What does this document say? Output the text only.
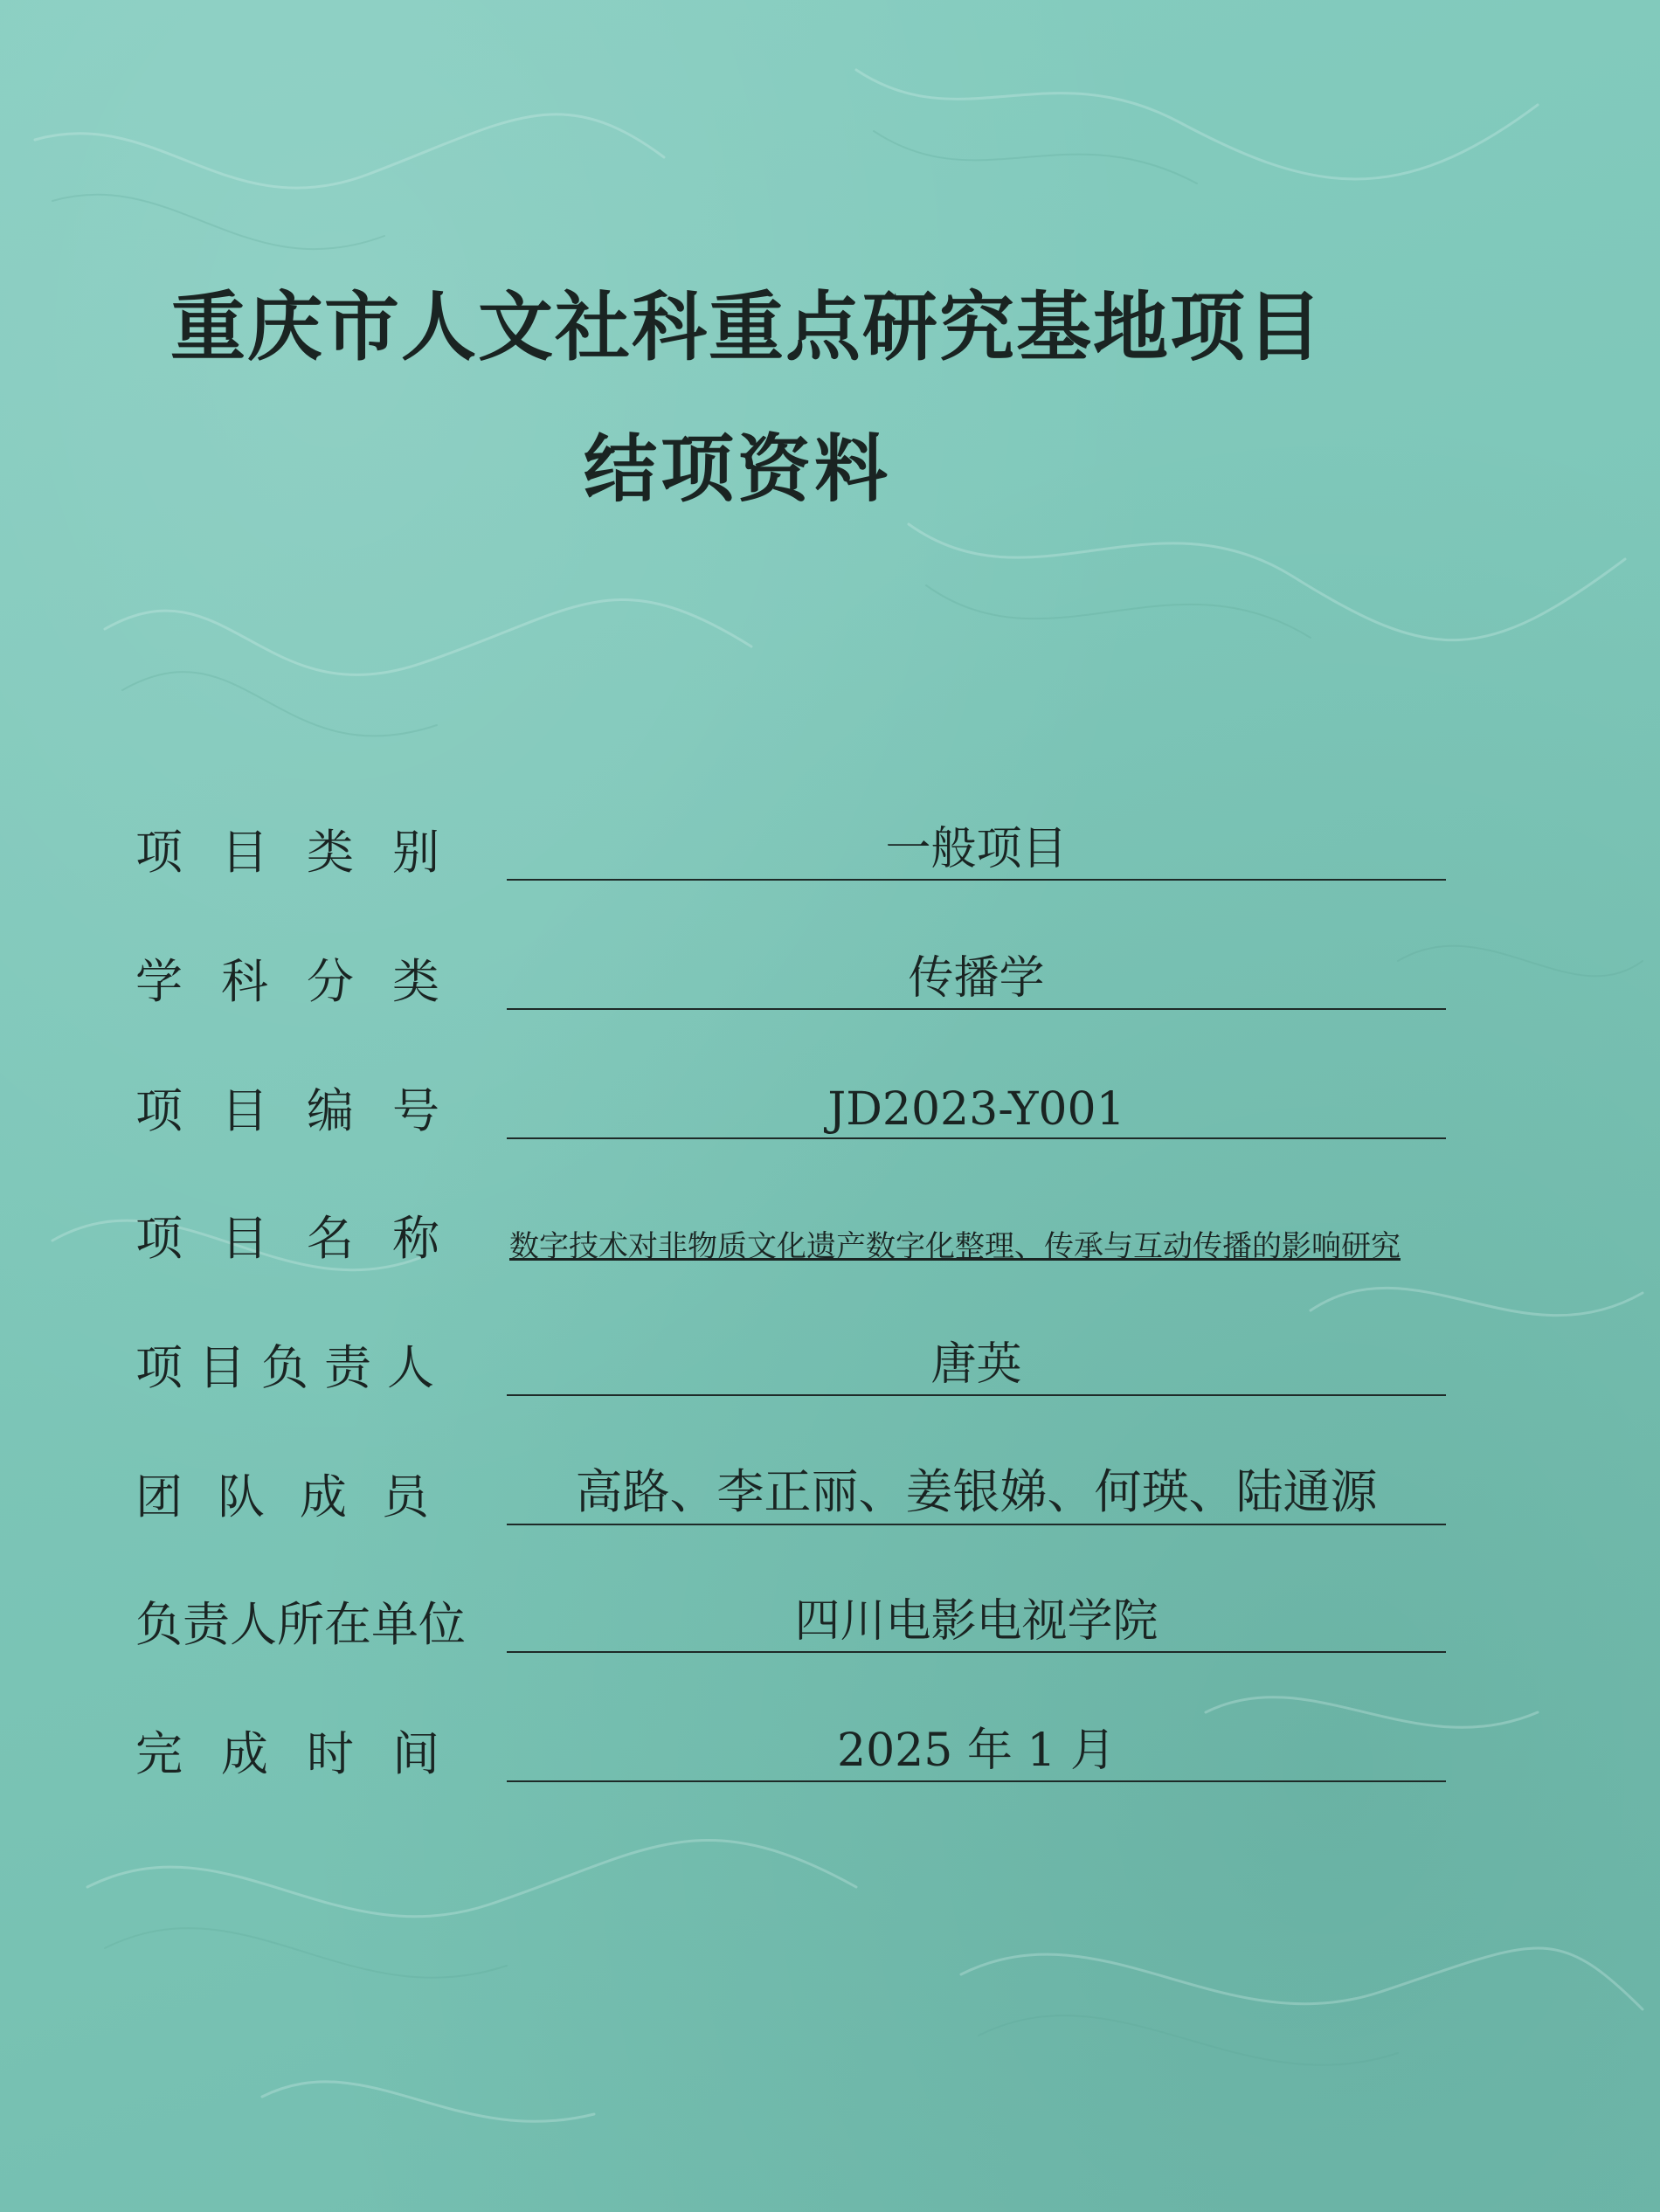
重庆市人文社科重点研究基地项目
结项资料
项目类别	一般项目
学科分类	传播学
项目编号	JD2023-Y001
项目名称 数字技术对非物质文化遗产数字化整理、传承与互动传播的影响研究
项目负责人	唐英
团队成员	高路、李正丽、姜银娣、何瑛、陆通源
负责人所在单位	四川电影电视学院
完成时间	2025 年 1 月
